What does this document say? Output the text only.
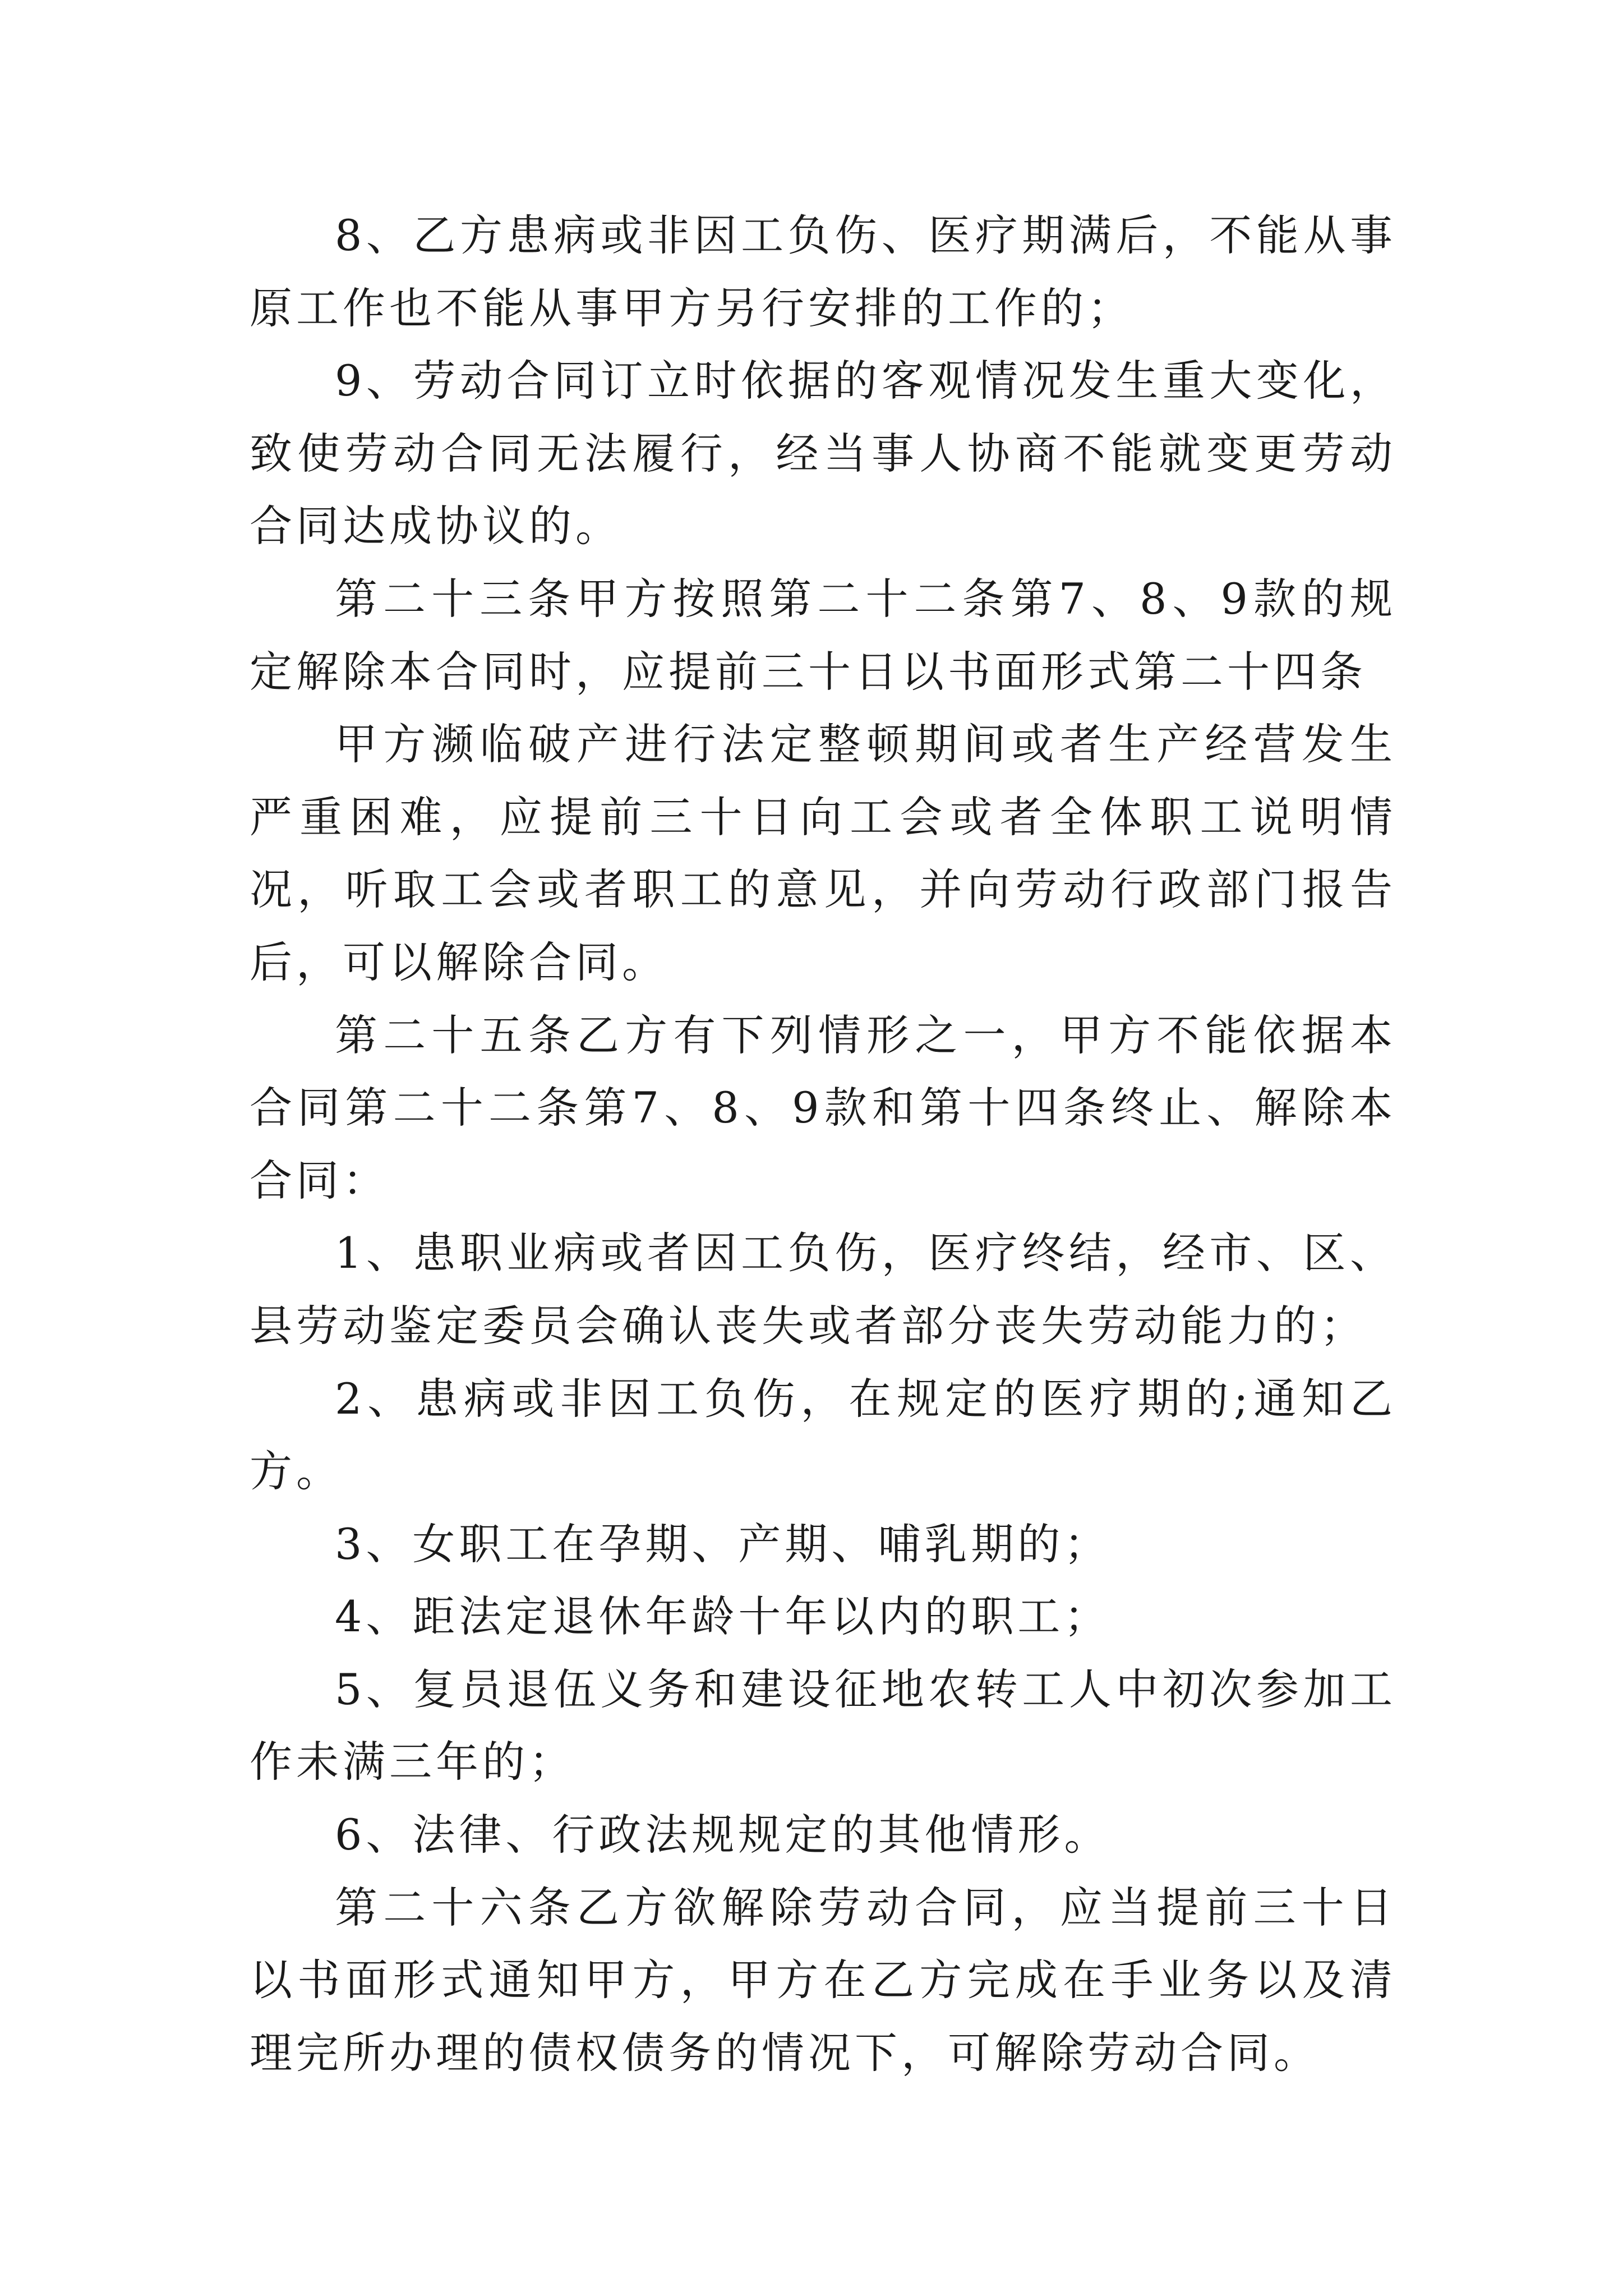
8、乙方患病或非因工负伤、医疗期满后，不能从事原工作也不能从事甲方另行安排的工作的；

9、劳动合同订立时依据的客观情况发生重大变化，致使劳动合同无法履行，经当事人协商不能就变更劳动合同达成协议的。

第二十三条甲方按照第二十二条第7、8、9款的规定解除本合同时，应提前三十日以书面形式第二十四条

甲方濒临破产进行法定整顿期间或者生产经营发生严重困难，应提前三十日向工会或者全体职工说明情况，听取工会或者职工的意见，并向劳动行政部门报告后，可以解除合同。

第二十五条乙方有下列情形之一，甲方不能依据本合同第二十二条第7、8、9款和第十四条终止、解除本合同：

1、患职业病或者因工负伤，医疗终结，经市、区、县劳动鉴定委员会确认丧失或者部分丧失劳动能力的；

2、患病或非因工负伤，在规定的医疗期的;通知乙方。

3、女职工在孕期、产期、哺乳期的；

4、距法定退休年龄十年以内的职工；

5、复员退伍义务和建设征地农转工人中初次参加工作未满三年的；

6、法律、行政法规规定的其他情形。

第二十六条乙方欲解除劳动合同，应当提前三十日以书面形式通知甲方，甲方在乙方完成在手业务以及清理完所办理的债权债务的情况下，可解除劳动合同。
